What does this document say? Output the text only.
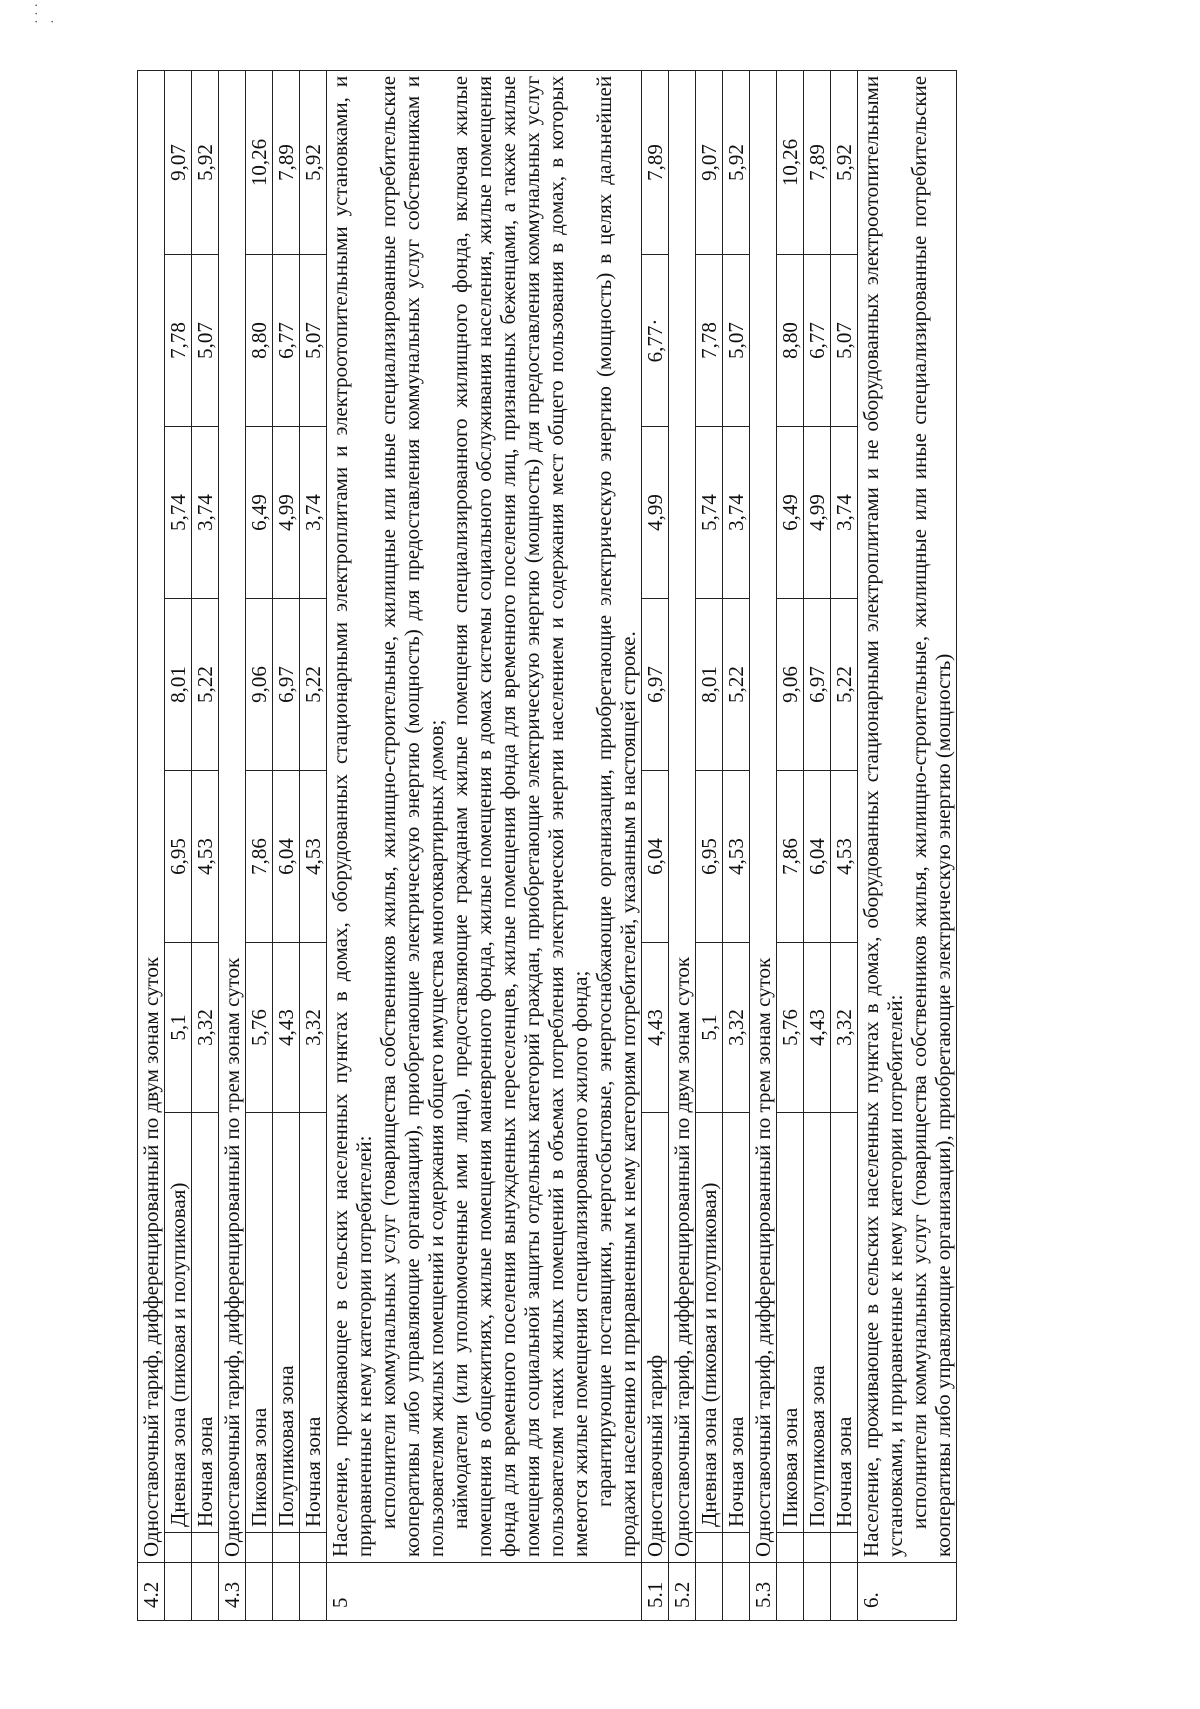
4.2	Одноставочный тариф, дифференцированный по двум зонам суток							
		Дневная зона (пиковая и полупиковая)	5,1	6,95	8,01	5,74	7,78	9,07
		Ночная зона	3,32	4,53	5,22	3,74	5,07	5,92
4.3	Одноставочный тариф, дифференцированный по трем зонам суток							
		Пиковая зона	5,76	7,86	9,06	6,49	8,80	10,26
		Полупиковая зона	4,43	6,04	6,97	4,99	6,77	7,89
		Ночная зона	3,32	4,53	5,22	3,74	5,07	5,92
5	Население, проживающее в сельских населенных пунктах в домах, оборудованных стационарными электроплитами и электроотопительными установками, и приравненные к нему категории потребителей: исполнители коммунальных услуг (товарищества собственников жилья, жилищно-строительные, жилищные или иные специализированные потребительские кооперативы либо управляющие организации), приобретающие электрическую энергию (мощность) для предоставления коммунальных услуг собственникам и пользователям жилых помещений и содержания общего имущества многоквартирных домов; наймодатели (или уполномоченные ими лица), предоставляющие гражданам жилые помещения специализированного жилищного фонда, включая жилые помещения в общежитиях, жилые помещения маневренного фонда, жилые помещения в домах системы социального обслуживания населения, жилые помещения фонда для временного поселения вынужденных переселенцев, жилые помещения фонда для временного поселения лиц, признанных беженцами, а также жилые помещения для социальной защиты отдельных категорий граждан, приобретающие электрическую энергию (мощность) для предоставления коммунальных услуг пользователям таких жилых помещений в объемах потребления электрической энергии населением и содержания мест общего пользования в домах, в которых имеются жилые помещения специализированного жилого фонда; гарантирующие поставщики, энергосбытовые, энергоснабжающие организации, приобретающие электрическую энергию (мощность) в целях дальнейшей продажи населению и приравненным к нему категориям потребителей, указанным в настоящей строке.							

5.1	Одноставочный тариф		4,43	6,04	6,97	4,99	6,77·	7,89
5.2	Одноставочный тариф, дифференцированный по двум зонам суток							
		Дневная зона (пиковая и полупиковая)	5,1	6,95	8,01	5,74	7,78	9,07
		Ночная зона	3,32	4,53	5,22	3,74	5,07	5,92
5.3	Одноставочный тариф, дифференцированный по трем зонам суток							
		Пиковая зона	5,76	7,86	9,06	6,49	8,80	10,26
		Полупиковая зона	4,43	6,04	6,97	4,99	6,77	7,89
		Ночная зона	3,32	4,53	5,22	3,74	5,07	5,92
6.	Население, проживающее в сельских населенных пунктах в домах, оборудованных стационарными электроплитами и не оборудованных электроотопительными установками, и приравненные к нему категории потребителей: исполнители коммунальных услуг (товарищества собственников жилья, жилищно-строительные, жилищные или иные специализированные потребительские кооперативы либо управляющие организации), приобретающие электрическую энергию (мощность)							

· · · ·
